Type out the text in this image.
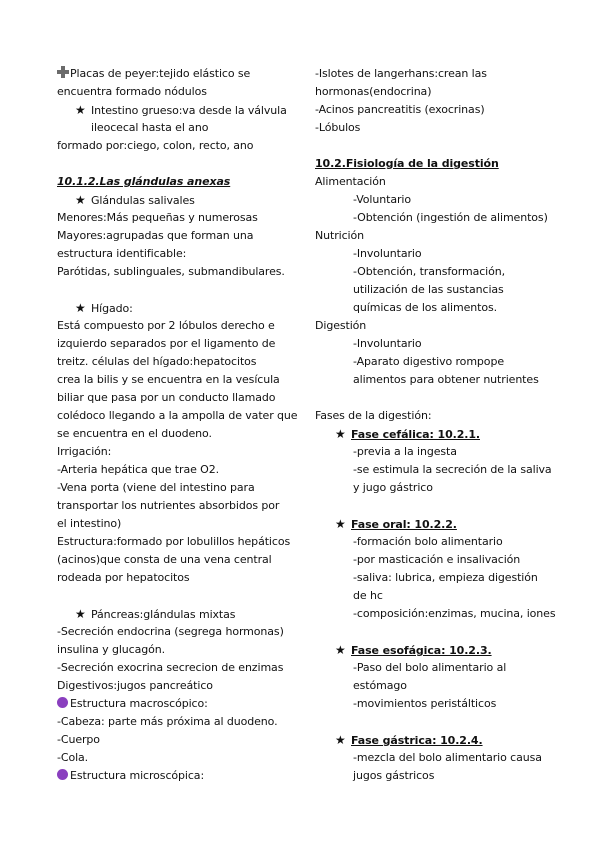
Placas de peyer:tejido elástico se
encuentra formado nódulos
★ Intestino grueso:va desde la válvula
ileocecal hasta el ano
formado por:ciego, colon, recto, ano
10.1.2.Las glándulas anexas
★ Glándulas salivales
Menores:Más pequeñas y numerosas
Mayores:agrupadas que forman una
estructura identificable:
Parótidas, sublinguales, submandibulares.
★ Hígado:
Está compuesto por 2 lóbulos derecho e
izquierdo separados por el ligamento de
treitz. células del hígado:hepatocitos
crea la bilis y se encuentra en la vesícula
biliar que pasa por un conducto llamado
colédoco llegando a la ampolla de vater que
se encuentra en el duodeno.
Irrigación:
-Arteria hepática que trae O2.
-Vena porta (viene del intestino para
transportar los nutrientes absorbidos por
el intestino)
Estructura:formado por lobulillos hepáticos
(acinos)que consta de una vena central
rodeada por hepatocitos
★ Páncreas:glándulas mixtas
-Secreción endocrina (segrega hormonas)
insulina y glucagón.
-Secreción exocrina secrecion de enzimas
Digestivos:jugos pancreático
Estructura macroscópico:
-Cabeza: parte más próxima al duodeno.
-Cuerpo
-Cola.
Estructura microscópica:
-Islotes de langerhans:crean las
hormonas(endocrina)
-Acinos pancreatitis (exocrinas)
-Lóbulos
10.2.Fisiología de la digestión
Alimentación
-Voluntario
-Obtención (ingestión de alimentos)
Nutrición
-Involuntario
-Obtención, transformación,
utilización de las sustancias
químicas de los alimentos.
Digestión
-Involuntario
-Aparato digestivo rompope
alimentos para obtener nutrientes
Fases de la digestión:
★ Fase cefálica: 10.2.1.
-previa a la ingesta
-se estimula la secreción de la saliva
y jugo gástrico
★ Fase oral: 10.2.2.
-formación bolo alimentario
-por masticación e insalivación
-saliva: lubrica, empieza digestión
de hc
-composición:enzimas, mucina, iones
★ Fase esofágica: 10.2.3.
-Paso del bolo alimentario al
estómago
-movimientos peristálticos
★ Fase gástrica: 10.2.4.
-mezcla del bolo alimentario causa
jugos gástricos
